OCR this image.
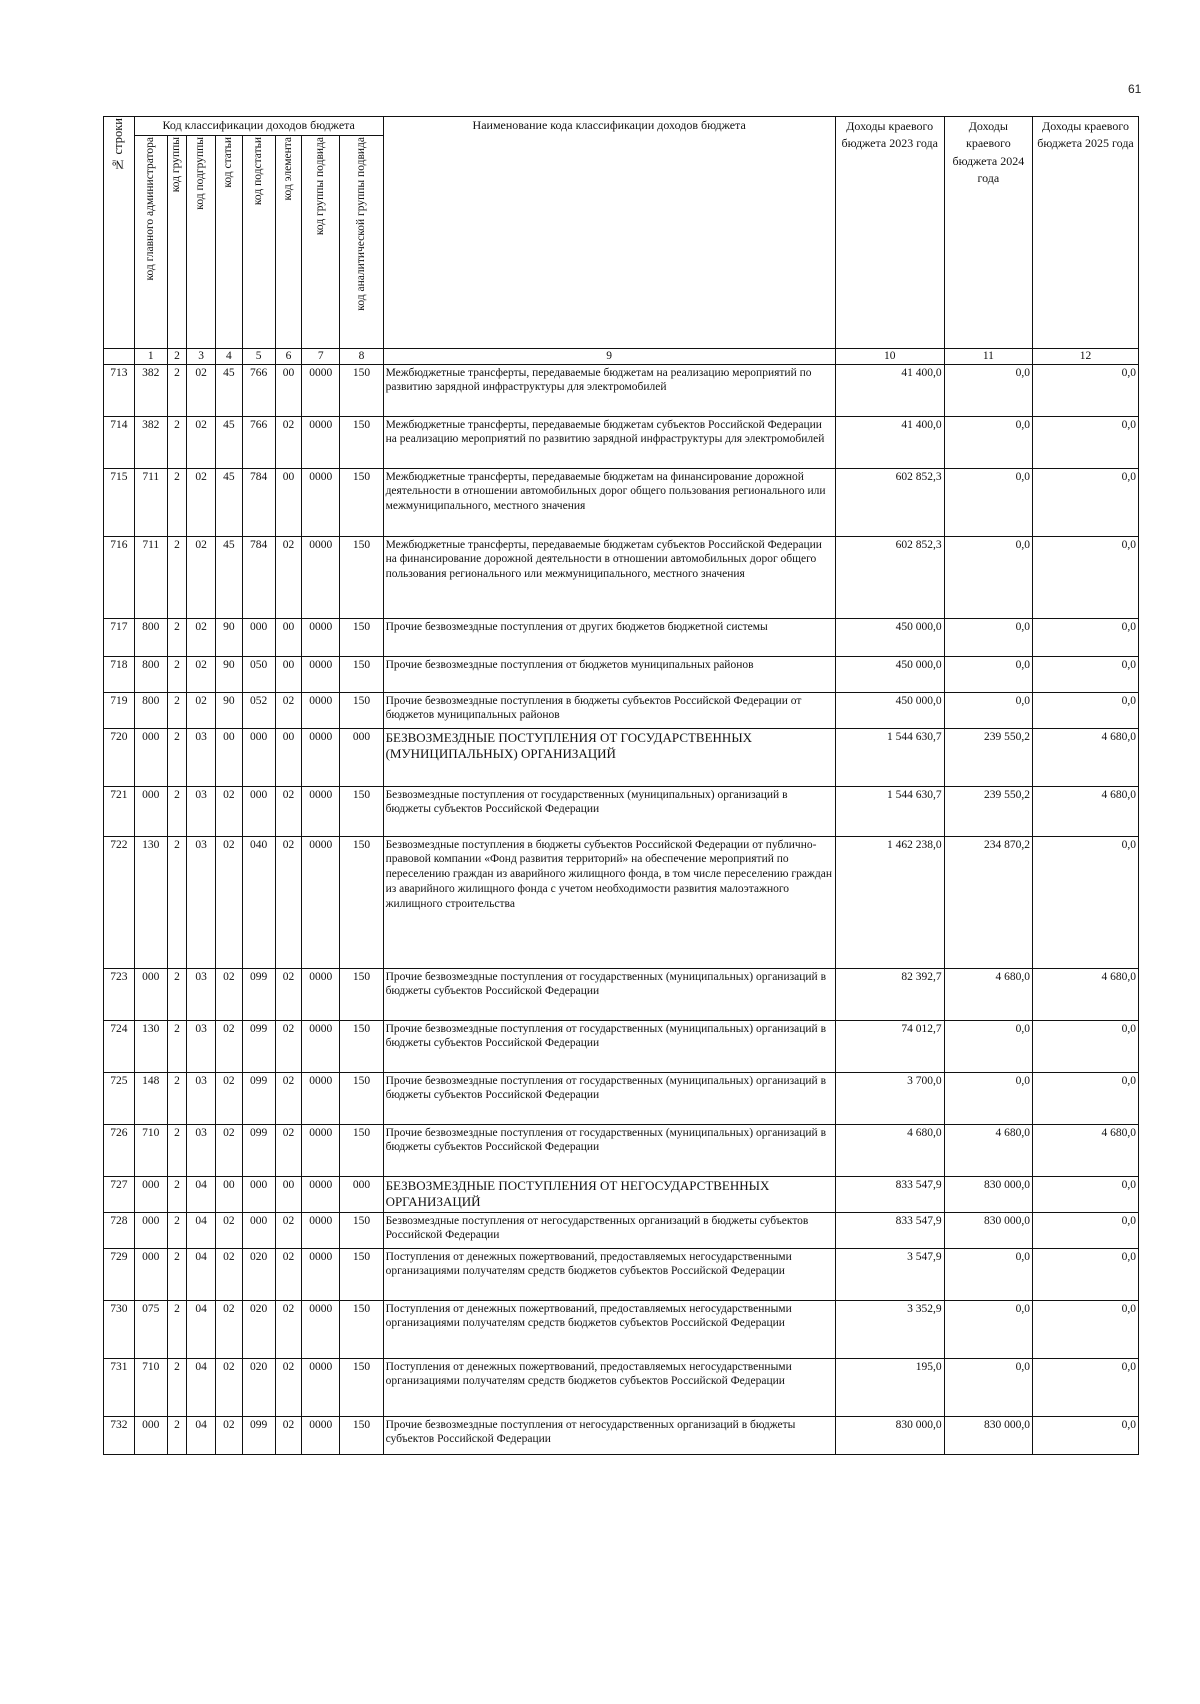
61
№ строки	Код классификации доходов бюджета								Наименование кода классификации доходов бюджета	Доходы краевого бюджета 2023 года	Доходы краевого бюджета 2024 года	Доходы краевого бюджета 2025 года
	код главного администратора	код группы	код подгруппы	код статьи	код подстатьи	код элемента	код группы подвида	код аналитической группы подвида				
	1	2	3	4	5	6	7	8	9	10	11	12
713	382	2	02	45	766	00	0000	150	Межбюджетные трансферты, передаваемые бюджетам на реализацию мероприятий по развитию зарядной инфраструктуры для электромобилей	41 400,0	0,0	0,0
714	382	2	02	45	766	02	0000	150	Межбюджетные трансферты, передаваемые бюджетам субъектов Российской Федерации на реализацию мероприятий по развитию зарядной инфраструктуры для электромобилей	41 400,0	0,0	0,0
715	711	2	02	45	784	00	0000	150	Межбюджетные трансферты, передаваемые бюджетам на финансирование дорожной деятельности в отношении автомобильных дорог общего пользования регионального или межмуниципального, местного значения	602 852,3	0,0	0,0
716	711	2	02	45	784	02	0000	150	Межбюджетные трансферты, передаваемые бюджетам субъектов Российской Федерации на финансирование дорожной деятельности в отношении автомобильных дорог общего пользования регионального или межмуниципального, местного значения	602 852,3	0,0	0,0
717	800	2	02	90	000	00	0000	150	Прочие безвозмездные поступления от других бюджетов бюджетной системы	450 000,0	0,0	0,0
718	800	2	02	90	050	00	0000	150	Прочие безвозмездные поступления от бюджетов муниципальных районов	450 000,0	0,0	0,0
719	800	2	02	90	052	02	0000	150	Прочие безвозмездные поступления в бюджеты субъектов Российской Федерации от бюджетов муниципальных районов	450 000,0	0,0	0,0
720	000	2	03	00	000	00	0000	000	БЕЗВОЗМЕЗДНЫЕ ПОСТУПЛЕНИЯ ОТ ГОСУДАРСТВЕННЫХ (МУНИЦИПАЛЬНЫХ) ОРГАНИЗАЦИЙ	1 544 630,7	239 550,2	4 680,0
721	000	2	03	02	000	02	0000	150	Безвозмездные поступления от государственных (муниципальных) организаций в бюджеты субъектов Российской Федерации	1 544 630,7	239 550,2	4 680,0
722	130	2	03	02	040	02	0000	150	Безвозмездные поступления в бюджеты субъектов Российской Федерации от публично-правовой компании «Фонд развития территорий» на обеспечение мероприятий по переселению граждан из аварийного жилищного фонда, в том числе переселению граждан из аварийного жилищного фонда с учетом необходимости развития малоэтажного жилищного строительства	1 462 238,0	234 870,2	0,0
723	000	2	03	02	099	02	0000	150	Прочие безвозмездные поступления от государственных (муниципальных) организаций в бюджеты субъектов Российской Федерации	82 392,7	4 680,0	4 680,0
724	130	2	03	02	099	02	0000	150	Прочие безвозмездные поступления от государственных (муниципальных) организаций в бюджеты субъектов Российской Федерации	74 012,7	0,0	0,0
725	148	2	03	02	099	02	0000	150	Прочие безвозмездные поступления от государственных (муниципальных) организаций в бюджеты субъектов Российской Федерации	3 700,0	0,0	0,0
726	710	2	03	02	099	02	0000	150	Прочие безвозмездные поступления от государственных (муниципальных) организаций в бюджеты субъектов Российской Федерации	4 680,0	4 680,0	4 680,0
727	000	2	04	00	000	00	0000	000	БЕЗВОЗМЕЗДНЫЕ ПОСТУПЛЕНИЯ ОТ НЕГОСУДАРСТВЕННЫХ ОРГАНИЗАЦИЙ	833 547,9	830 000,0	0,0
728	000	2	04	02	000	02	0000	150	Безвозмездные поступления от негосударственных организаций в бюджеты субъектов Российской Федерации	833 547,9	830 000,0	0,0
729	000	2	04	02	020	02	0000	150	Поступления от денежных пожертвований, предоставляемых негосударственными организациями получателям средств бюджетов субъектов Российской Федерации	3 547,9	0,0	0,0
730	075	2	04	02	020	02	0000	150	Поступления от денежных пожертвований, предоставляемых негосударственными организациями получателям средств бюджетов субъектов Российской Федерации	3 352,9	0,0	0,0
731	710	2	04	02	020	02	0000	150	Поступления от денежных пожертвований, предоставляемых негосударственными организациями получателям средств бюджетов субъектов Российской Федерации	195,0	0,0	0,0
732	000	2	04	02	099	02	0000	150	Прочие безвозмездные поступления от негосударственных организаций в бюджеты субъектов Российской Федерации	830 000,0	830 000,0	0,0
